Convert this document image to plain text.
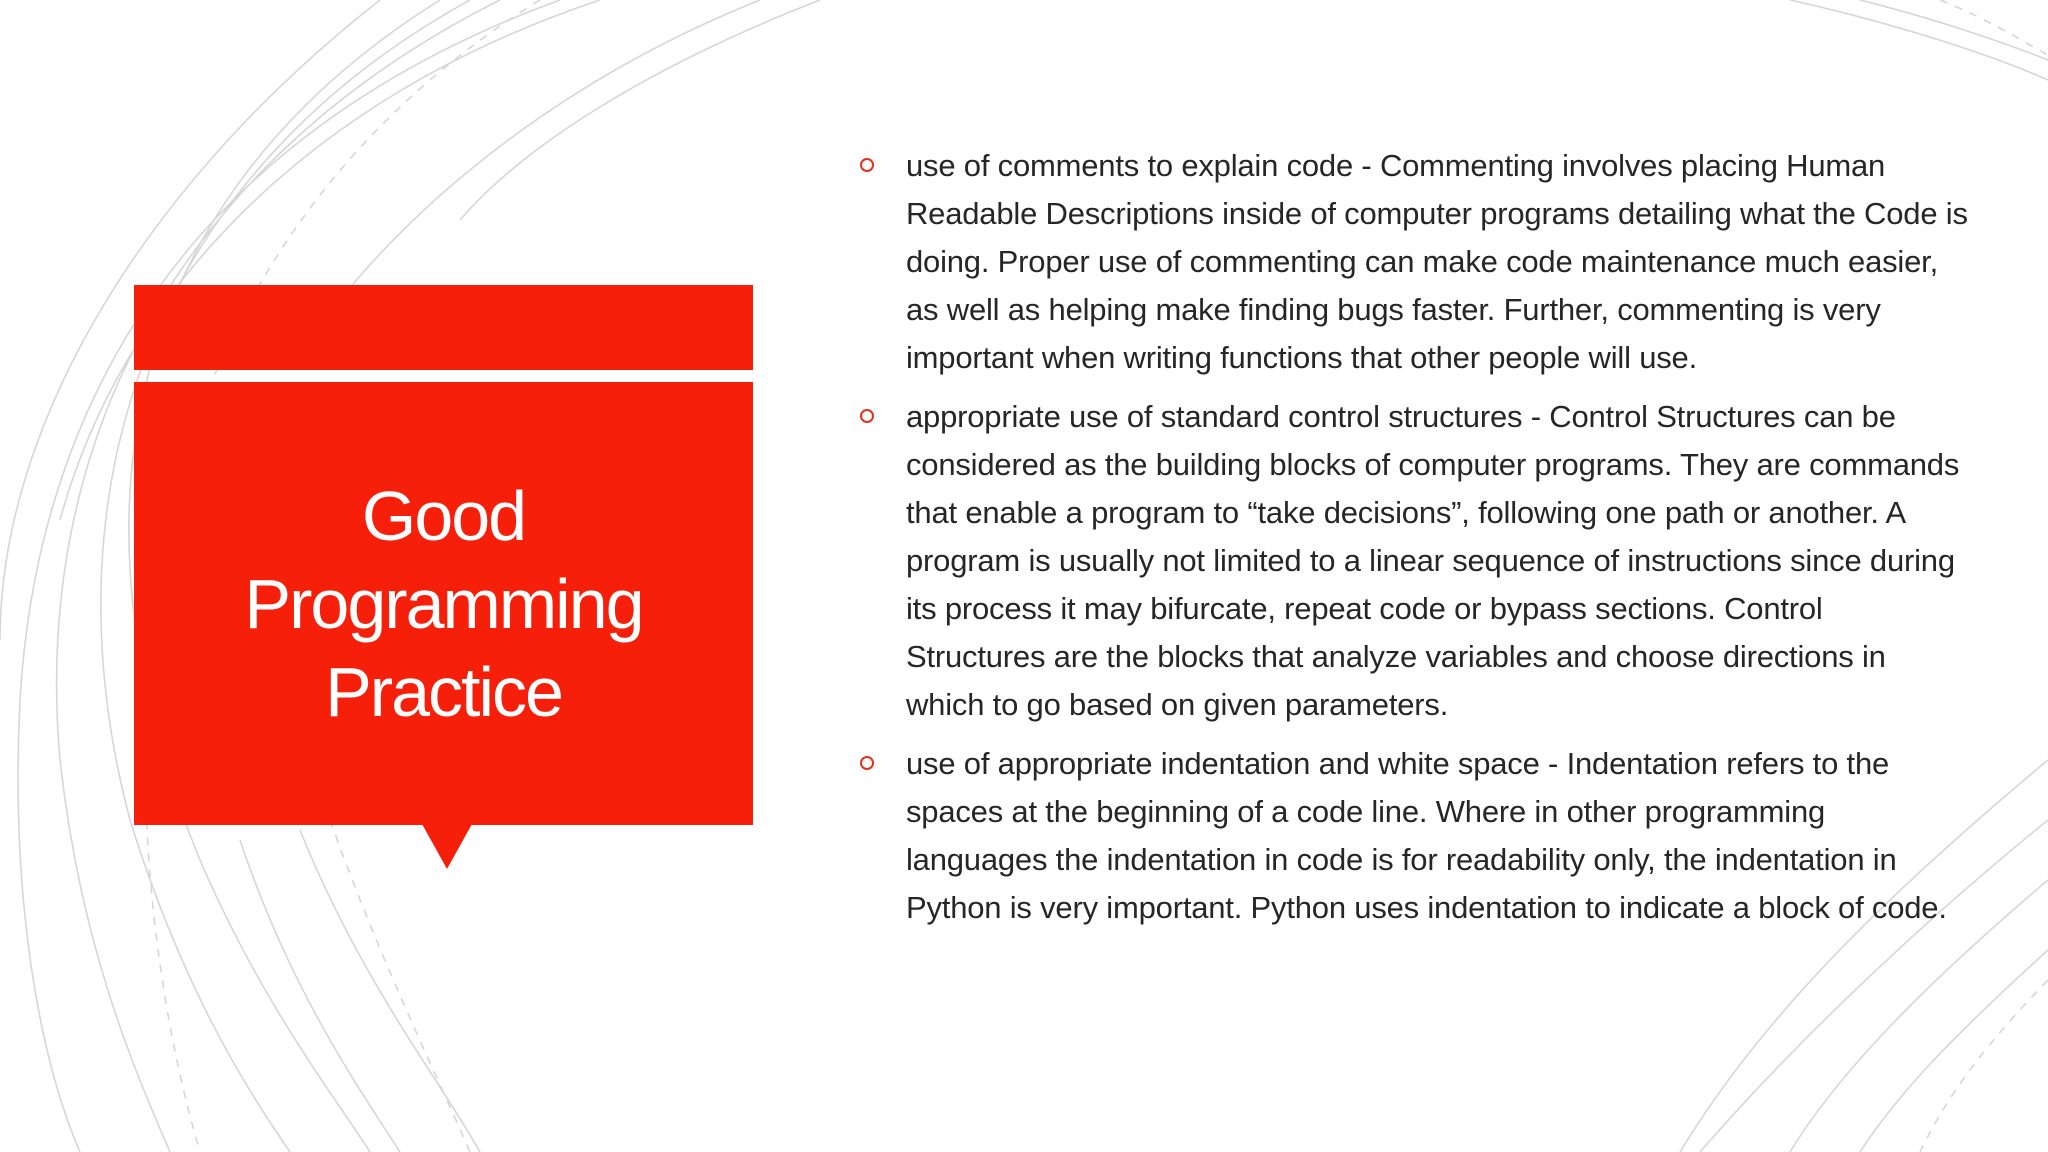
Good Programming Practice
use of comments to explain code - Commenting involves placing Human Readable Descriptions inside of computer programs detailing what the Code is doing. Proper use of commenting can make code maintenance much easier, as well as helping make finding bugs faster. Further, commenting is very important when writing functions that other people will use.
appropriate use of standard control structures - Control Structures can be considered as the building blocks of computer programs. They are commands that enable a program to “take decisions”, following one path or another. A program is usually not limited to a linear sequence of instructions since during its process it may bifurcate, repeat code or bypass sections. Control Structures are the blocks that analyze variables and choose directions in which to go based on given parameters.
use of appropriate indentation and white space - Indentation refers to the spaces at the beginning of a code line. Where in other programming languages the indentation in code is for readability only, the indentation in Python is very important. Python uses indentation to indicate a block of code.
